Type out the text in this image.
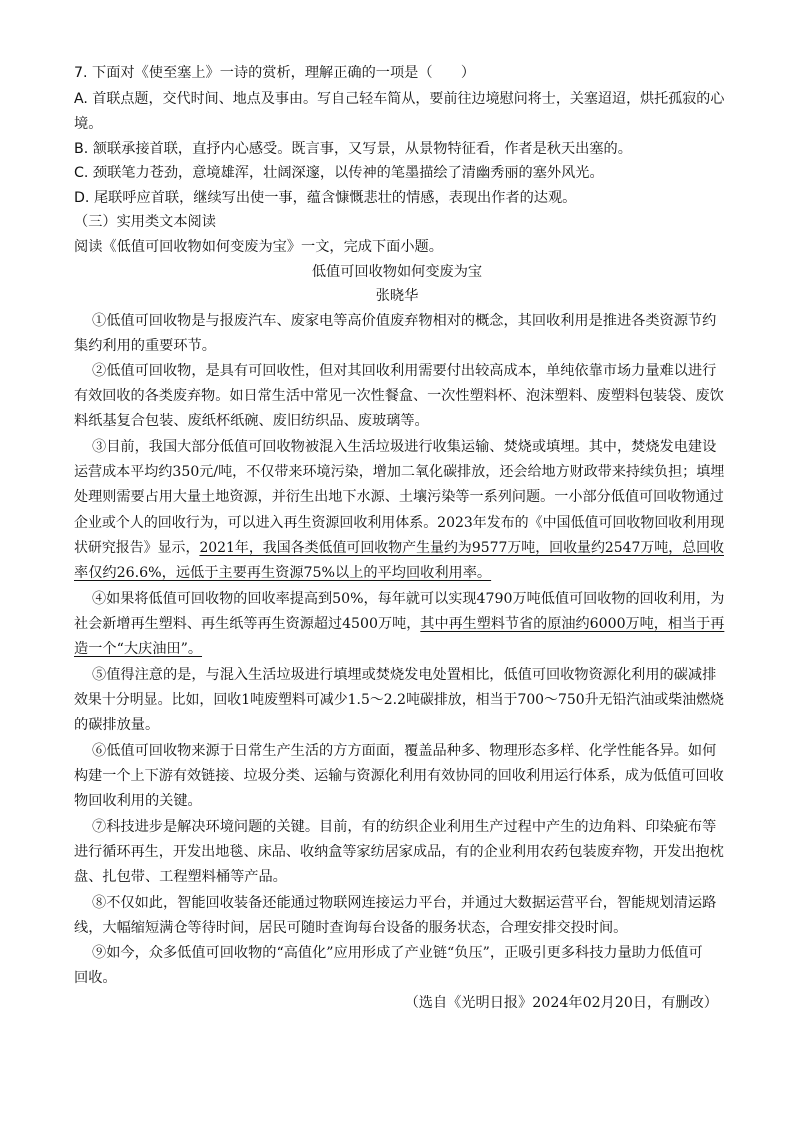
7. 下面对《使至塞上》一诗的赏析，理解正确的一项是（　　）
A. 首联点题，交代时间、地点及事由。写自己轻车简从，要前往边境慰问将士，关塞迢迢，烘托孤寂的心
境。
B. 颔联承接首联，直抒内心感受。既言事，又写景，从景物特征看，作者是秋天出塞的。
C. 颈联笔力苍劲，意境雄浑，壮阔深邃，以传神的笔墨描绘了清幽秀丽的塞外风光。
D. 尾联呼应首联，继续写出使一事，蕴含慷慨悲壮的情感，表现出作者的达观。
（三）实用类文本阅读
阅读《低值可回收物如何变废为宝》一文，完成下面小题。
低值可回收物如何变废为宝
张晓华
①低值可回收物是与报废汽车、废家电等高价值废弃物相对的概念，其回收利用是推进各类资源节约
集约利用的重要环节。
②低值可回收物，是具有可回收性，但对其回收利用需要付出较高成本，单纯依靠市场力量难以进行
有效回收的各类废弃物。如日常生活中常见一次性餐盒、一次性塑料杯、泡沫塑料、废塑料包装袋、废饮
料纸基复合包装、废纸杯纸碗、废旧纺织品、废玻璃等。
③目前，我国大部分低值可回收物被混入生活垃圾进行收集运输、焚烧或填埋。其中，焚烧发电建设
运营成本平均约350元/吨，不仅带来环境污染，增加二氧化碳排放，还会给地方财政带来持续负担；填埋
处理则需要占用大量土地资源，并衍生出地下水源、土壤污染等一系列问题。一小部分低值可回收物通过
企业或个人的回收行为，可以进入再生资源回收利用体系。2023年发布的《中国低值可回收物回收利用现
状研究报告》显示，2021年，我国各类低值可回收物产生量约为9577万吨，回收量约2547万吨，总回收
率仅约26.6%，远低于主要再生资源75%以上的平均回收利用率。
④如果将低值可回收物的回收率提高到50%，每年就可以实现4790万吨低值可回收物的回收利用，为
社会新增再生塑料、再生纸等再生资源超过4500万吨，其中再生塑料节省的原油约6000万吨，相当于再
造一个“大庆油田”。
⑤值得注意的是，与混入生活垃圾进行填埋或焚烧发电处置相比，低值可回收物资源化利用的碳减排
效果十分明显。比如，回收1吨废塑料可减少1.5～2.2吨碳排放，相当于700～750升无铅汽油或柴油燃烧
的碳排放量。
⑥低值可回收物来源于日常生产生活的方方面面，覆盖品种多、物理形态多样、化学性能各异。如何
构建一个上下游有效链接、垃圾分类、运输与资源化利用有效协同的回收利用运行体系，成为低值可回收
物回收利用的关键。
⑦科技进步是解决环境问题的关键。目前，有的纺织企业利用生产过程中产生的边角料、印染疵布等
进行循环再生，开发出地毯、床品、收纳盒等家纺居家成品，有的企业利用农药包装废弃物，开发出抱枕
盘、扎包带、工程塑料桶等产品。
⑧不仅如此，智能回收装备还能通过物联网连接运力平台，并通过大数据运营平台，智能规划清运路
线，大幅缩短满仓等待时间，居民可随时查询每台设备的服务状态，合理安排交投时间。
⑨如今，众多低值可回收物的“高值化”应用形成了产业链“负压”，正吸引更多科技力量助力低值可
回收。
（选自《光明日报》2024年02月20日，有删改）
